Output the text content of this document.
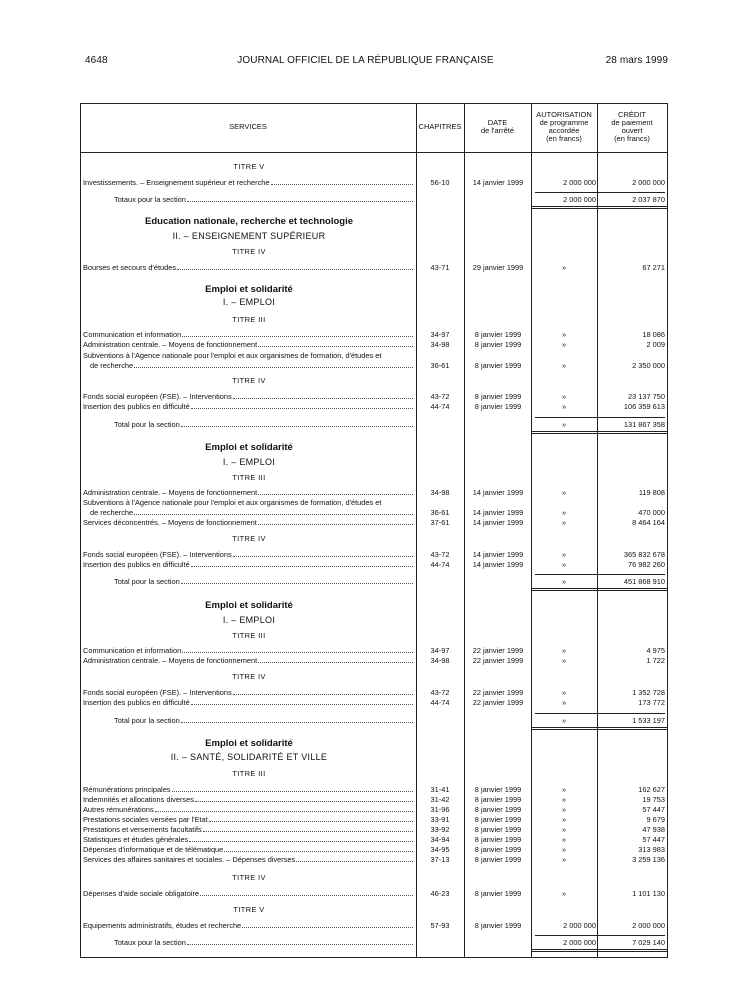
4648	JOURNAL OFFICIEL DE LA RÉPUBLIQUE FRANÇAISE	28 mars 1999
SERVICES	CHAPITRES	DATE
de l'arrêté
AUTORISATION
de programme
accordée
(en francs)
CRÉDIT
de paiement
ouvert
(en francs)
TITRE V
Investissements. – Enseignement supérieur et recherche	56-10	14 janvier 1999	2 000 000	2 000 000
Totaux pour la section	2 000 000	2 037 870
Education nationale, recherche et technologie
II. – ENSEIGNEMENT SUPÉRIEUR
TITRE IV
Bourses et secours d'études	43-71	29 janvier 1999	»	67 271
Emploi et solidarité
I. – EMPLOI
TITRE III
Communication et information	34-97	8 janvier 1999	»	18 086
Administration centrale. – Moyens de fonctionnement	34-98	8 janvier 1999	»	2 009
Subventions à l'Agence nationale pour l'emploi et aux organismes de formation, d'études et
de recherche	36-61	8 janvier 1999	»	2 350 000
TITRE IV
Fonds social européen (FSE). – Interventions	43-72	8 janvier 1999	»	23 137 750
Insertion des publics en difficulté	44-74	8 janvier 1999	»	106 359 613
Total pour la section	»	131 867 358
Emploi et solidarité
I. – EMPLOI
TITRE III
Administration centrale. – Moyens de fonctionnement	34-98	14 janvier 1999	»	119 808
Subventions à l'Agence nationale pour l'emploi et aux organismes de formation, d'études et
de recherche	36-61	14 janvier 1999	»	470 000
Services déconcentrés. – Moyens de fonctionnement	37-61	14 janvier 1999	»	8 464 164
TITRE IV
Fonds social européen (FSE). – Interventions	43-72	14 janvier 1999	»	365 832 678
Insertion des publics en difficulté	44-74	14 janvier 1999	»	76 982 260
Total pour la section	»	451 868 910
Emploi et solidarité
I. – EMPLOI
TITRE III
Communication et information	34-97	22 janvier 1999	»	4 975
Administration centrale. – Moyens de fonctionnement	34-98	22 janvier 1999	»	1 722
TITRE IV
Fonds social européen (FSE). – Interventions	43-72	22 janvier 1999	»	1 352 728
Insertion des publics en difficulté	44-74	22 janvier 1999	»	173 772
Total pour la section	»	1 533 197
Emploi et solidarité
II. – SANTÉ, SOLIDARITÉ ET VILLE
TITRE III
Rémunérations principales	31-41	8 janvier 1999	»	162 627
Indemnités et allocations diverses	31-42	8 janvier 1999	»	19 753
Autres rémunérations	31-96	8 janvier 1999	»	57 447
Prestations sociales versées par l'Etat	33-91	8 janvier 1999	»	9 679
Prestations et versements facultatifs	33-92	8 janvier 1999	»	47 938
Statistiques et études générales	34-94	8 janvier 1999	»	57 447
Dépenses d'informatique et de télématique	34-95	8 janvier 1999	»	313 983
Services des affaires sanitaires et sociales. – Dépenses diverses	37-13	8 janvier 1999	»	3 259 136
TITRE IV
Dépenses d'aide sociale obligatoire	46-23	8 janvier 1999	»	1 101 130
TITRE V
Equipements administratifs, études et recherche	57-93	8 janvier 1999	2 000 000	2 000 000
Totaux pour la section	2 000 000	7 029 140
